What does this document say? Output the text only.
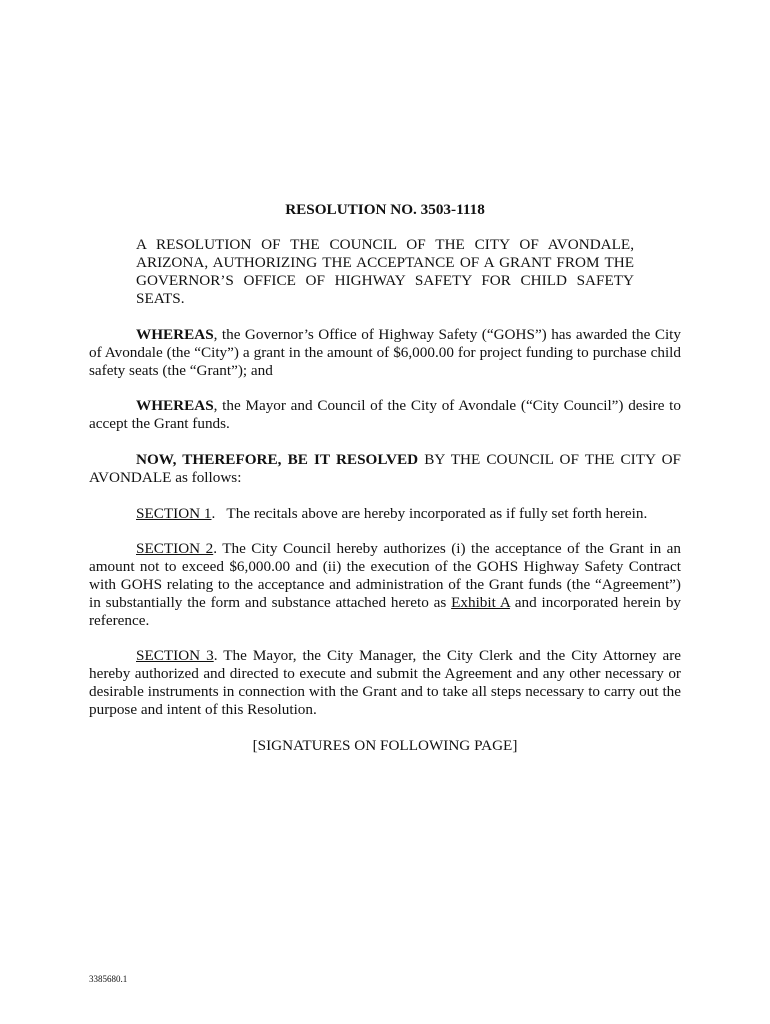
RESOLUTION NO. 3503-1118
A RESOLUTION OF THE COUNCIL OF THE CITY OF AVONDALE, ARIZONA, AUTHORIZING THE ACCEPTANCE OF A GRANT FROM THE GOVERNOR’S OFFICE OF HIGHWAY SAFETY FOR CHILD SAFETY SEATS.

WHEREAS, the Governor’s Office of Highway Safety (“GOHS”) has awarded the City of Avondale (the “City”) a grant in the amount of $6,000.00 for project funding to purchase child safety seats (the “Grant”); and

WHEREAS, the Mayor and Council of the City of Avondale (“City Council”) desire to accept the Grant funds.

NOW, THEREFORE, BE IT RESOLVED BY THE COUNCIL OF THE CITY OF AVONDALE as follows:

SECTION 1.   The recitals above are hereby incorporated as if fully set forth herein.

SECTION 2. The City Council hereby authorizes (i) the acceptance of the Grant in an amount not to exceed $6,000.00 and (ii) the execution of the GOHS Highway Safety Contract with GOHS relating to the acceptance and administration of the Grant funds (the “Agreement”) in substantially the form and substance attached hereto as Exhibit A and incorporated herein by reference.

SECTION 3. The Mayor, the City Manager, the City Clerk and the City Attorney are hereby authorized and directed to execute and submit the Agreement and any other necessary or desirable instruments in connection with the Grant and to take all steps necessary to carry out the purpose and intent of this Resolution.

[SIGNATURES ON FOLLOWING PAGE]
3385680.1
